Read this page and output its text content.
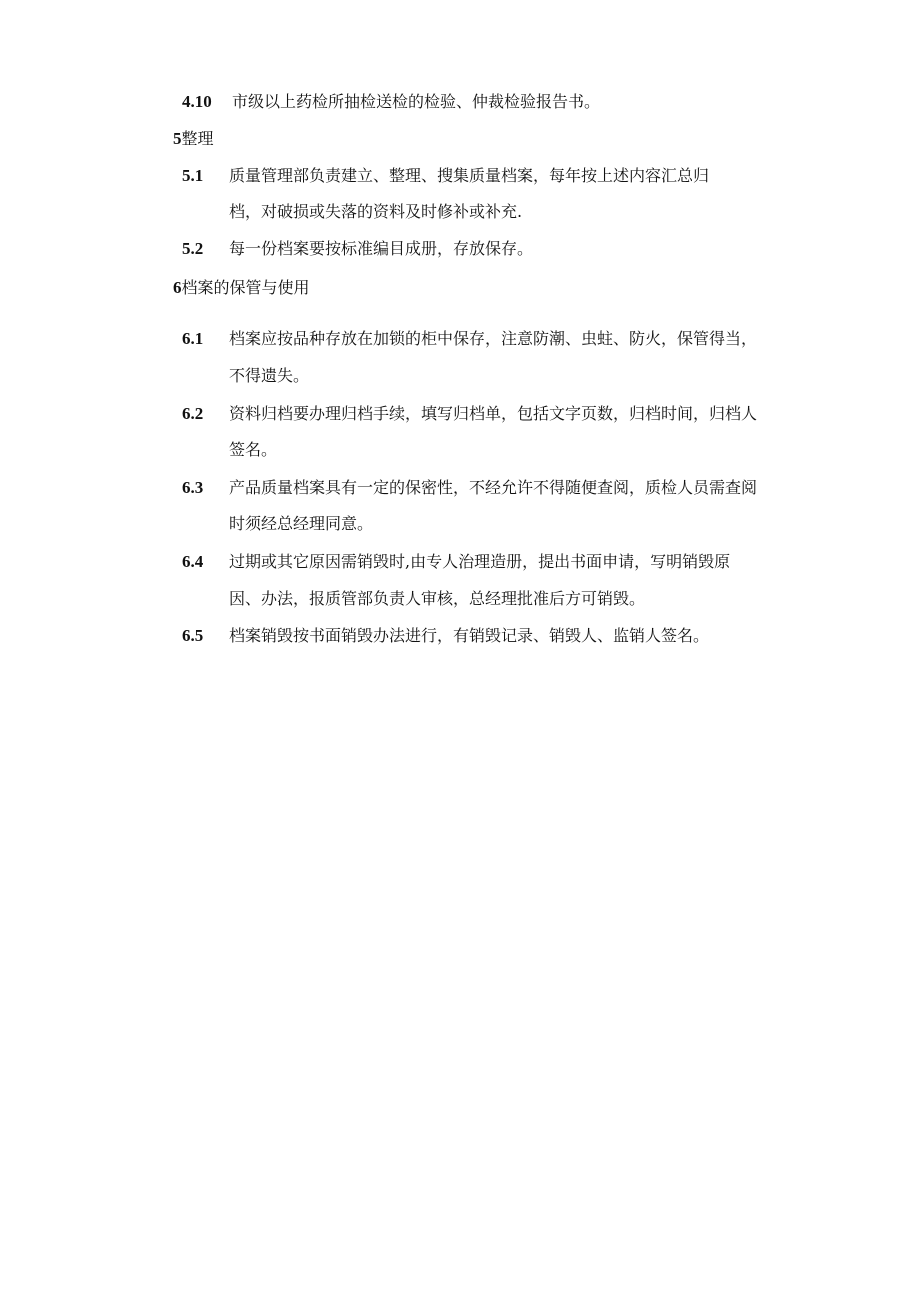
4.10 市级以上药检所抽检送检的检验、仲裁检验报告书。
5整理
5.1 质量管理部负责建立、整理、搜集质量档案，每年按上述内容汇总归
档，对破损或失落的资料及时修补或补充.
5.2 每一份档案要按标准编目成册，存放保存。
6档案的保管与使用
6.1 档案应按品种存放在加锁的柜中保存，注意防潮、虫蛀、防火，保管得当，
不得遗失。
6.2 资料归档要办理归档手续，填写归档单，包括文字页数，归档时间，归档人
签名。
6.3 产品质量档案具有一定的保密性，不经允许不得随便查阅，质检人员需查阅
时须经总经理同意。
6.4 过期或其它原因需销毁时,由专人治理造册，提出书面申请，写明销毁原
因、办法，报质管部负责人审核，总经理批准后方可销毁。
6.5 档案销毁按书面销毁办法进行，有销毁记录、销毁人、监销人签名。
